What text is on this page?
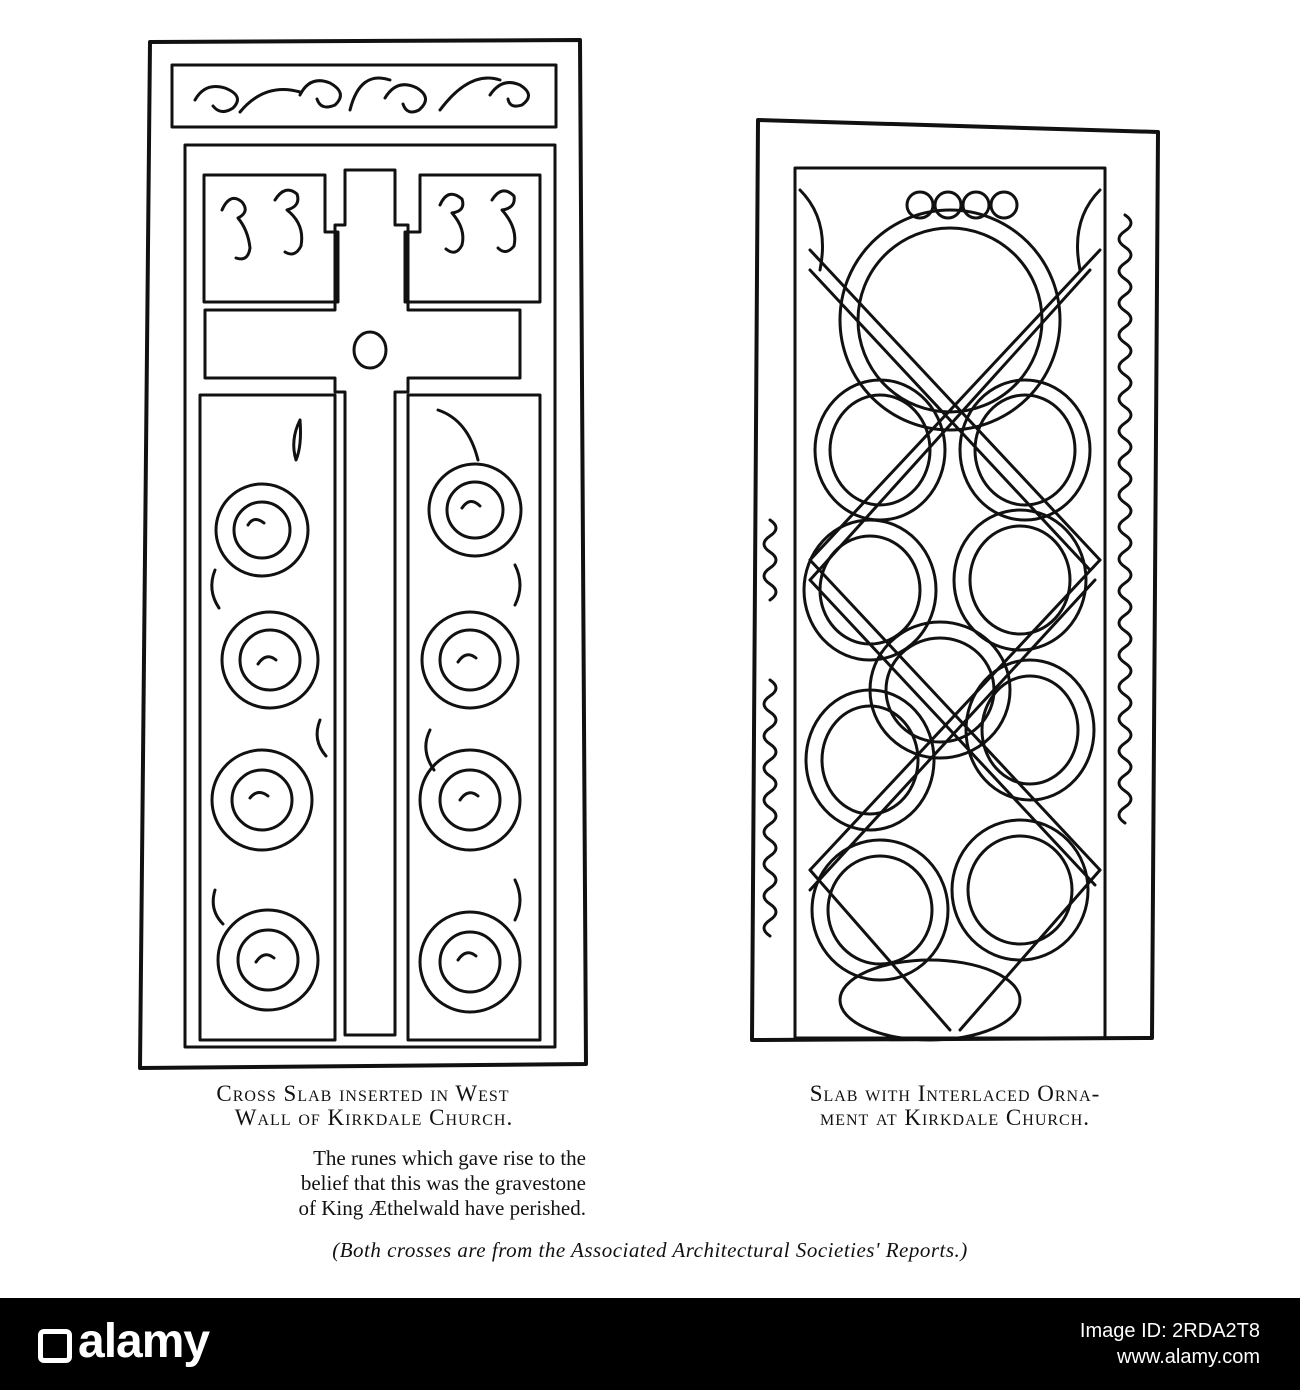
Cross Slab inserted in West
Wall of Kirkdale Church.
The runes which gave rise to the
belief that this was the gravestone
of King Æthelwald have perished.
Slab with Interlaced Orna-
ment at Kirkdale Church.
(Both crosses are from the Associated Architectural Societies' Reports.)
alamy	Image ID: 2RDA2T8
www.alamy.com
